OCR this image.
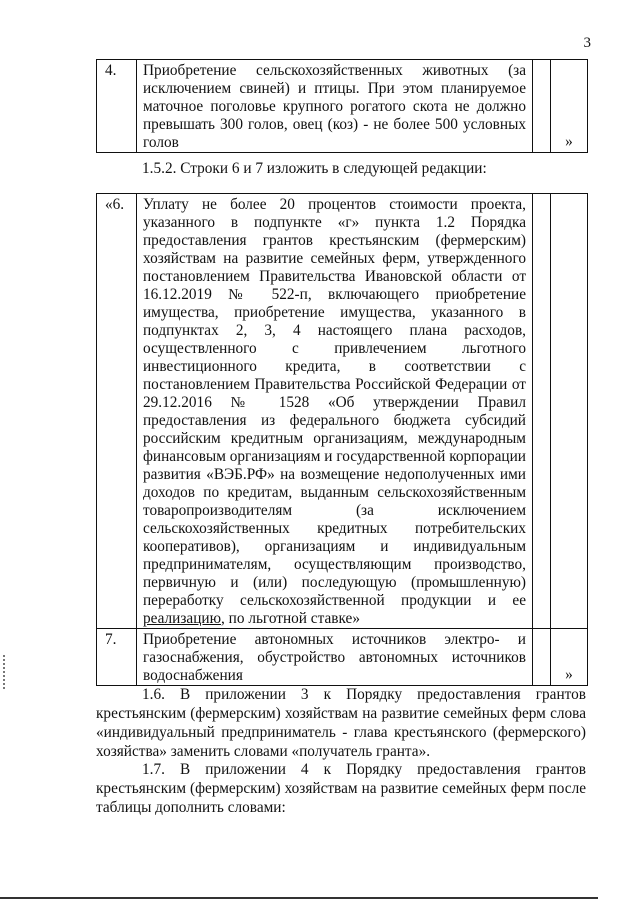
3
4.	Приобретение сельскохозяйственных животных (за исключением свиней) и птицы. При этом планируемое маточное поголовье крупного рогатого скота не должно превышать 300 голов, овец (коз) - не более 500 условных голов		»
1.5.2. Строки 6 и 7 изложить в следующей редакции:
«6.	Уплату не более 20 процентов стоимости проекта, указанного в подпункте «г» пункта 1.2 Порядка предоставления грантов крестьянским (фермерским) хозяйствам на развитие семейных ферм, утвержденного постановлением Правительства Ивановской области от 16.12.2019 № 522-п, включающего приобретение имущества, приобретение имущества, указанного в подпунктах 2, 3, 4 настоящего плана расходов, осуществленного с привлечением льготного инвестиционного кредита, в соответствии с постановлением Правительства Российской Федерации от 29.12.2016 № 1528 «Об утверждении Правил предоставления из федерального бюджета субсидий российским кредитным организациям, международным финансовым организациям и государственной корпорации развития «ВЭБ.РФ» на возмещение недополученных ими доходов по кредитам, выданным сельскохозяйственным товаропроизводителям (за исключением сельскохозяйственных кредитных потребительских кооперативов), организациям и индивидуальным предпринимателям, осуществляющим производство, первичную и (или) последующую (промышленную) переработку сельскохозяйственной продукции и ее реализацию, по льготной ставке»		
7.	Приобретение автономных источников электро- и газоснабжения, обустройство автономных источников водоснабжения		»
1.6. В приложении 3 к Порядку предоставления грантов крестьянским (фермерским) хозяйствам на развитие семейных ферм слова «индивидуальный предприниматель - глава крестьянского (фермерского) хозяйства» заменить словами «получатель гранта».
1.7. В приложении 4 к Порядку предоставления грантов крестьянским (фермерским) хозяйствам на развитие семейных ферм после таблицы дополнить словами:
